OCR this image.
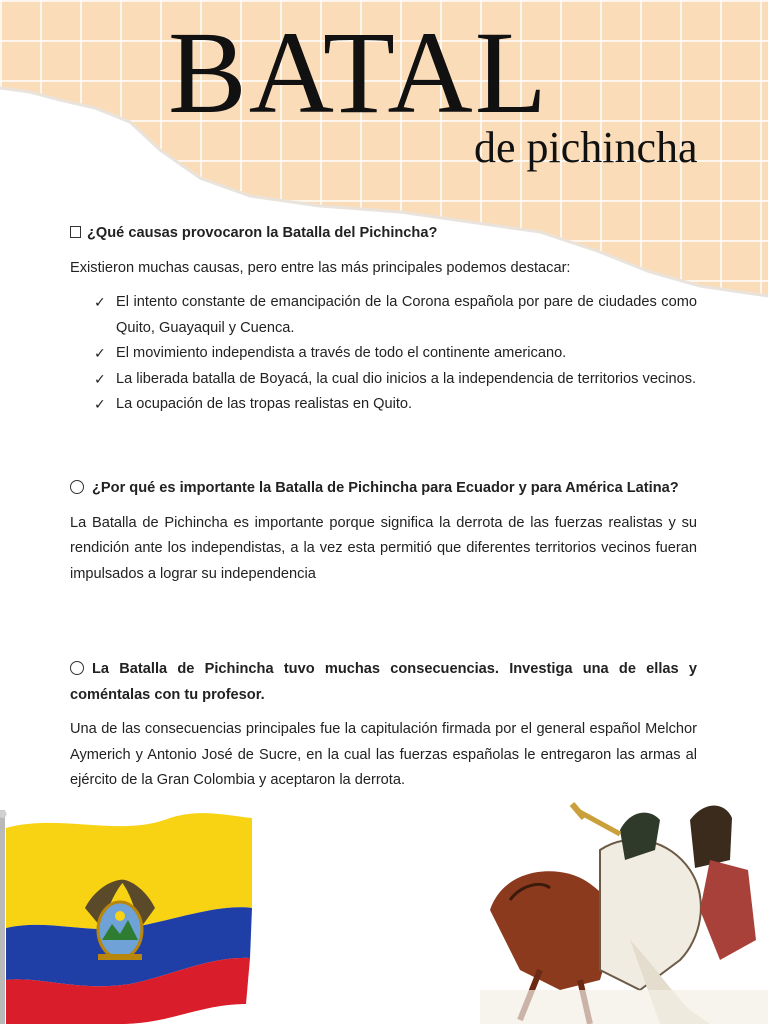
BATAL
de pichincha

¿Qué causas provocaron la Batalla del Pichincha?

Existieron muchas causas, pero entre las más principales podemos destacar:

✓ El intento constante de emancipación de la Corona española por pare de ciudades como Quito, Guayaquil y Cuenca.
✓ El movimiento independista a través de todo el continente americano.
✓ La liberada batalla de Boyacá, la cual dio inicios a la independencia de territorios vecinos.
✓ La ocupación de las tropas realistas en Quito.

¿Por qué es importante la Batalla de Pichincha para Ecuador y para América Latina?

La Batalla de Pichincha es importante porque significa la derrota de las fuerzas realistas y su rendición ante los independistas, a la vez esta permitió que diferentes territorios vecinos fueran impulsados a lograr su independencia

La Batalla de Pichincha tuvo muchas consecuencias. Investiga una de ellas y coméntalas con tu profesor.

Una de las consecuencias principales fue la capitulación firmada por el general español Melchor Aymerich y Antonio José de Sucre, en la cual las fuerzas españolas le entregaron las armas al ejército de la Gran Colombia y aceptaron la derrota.
